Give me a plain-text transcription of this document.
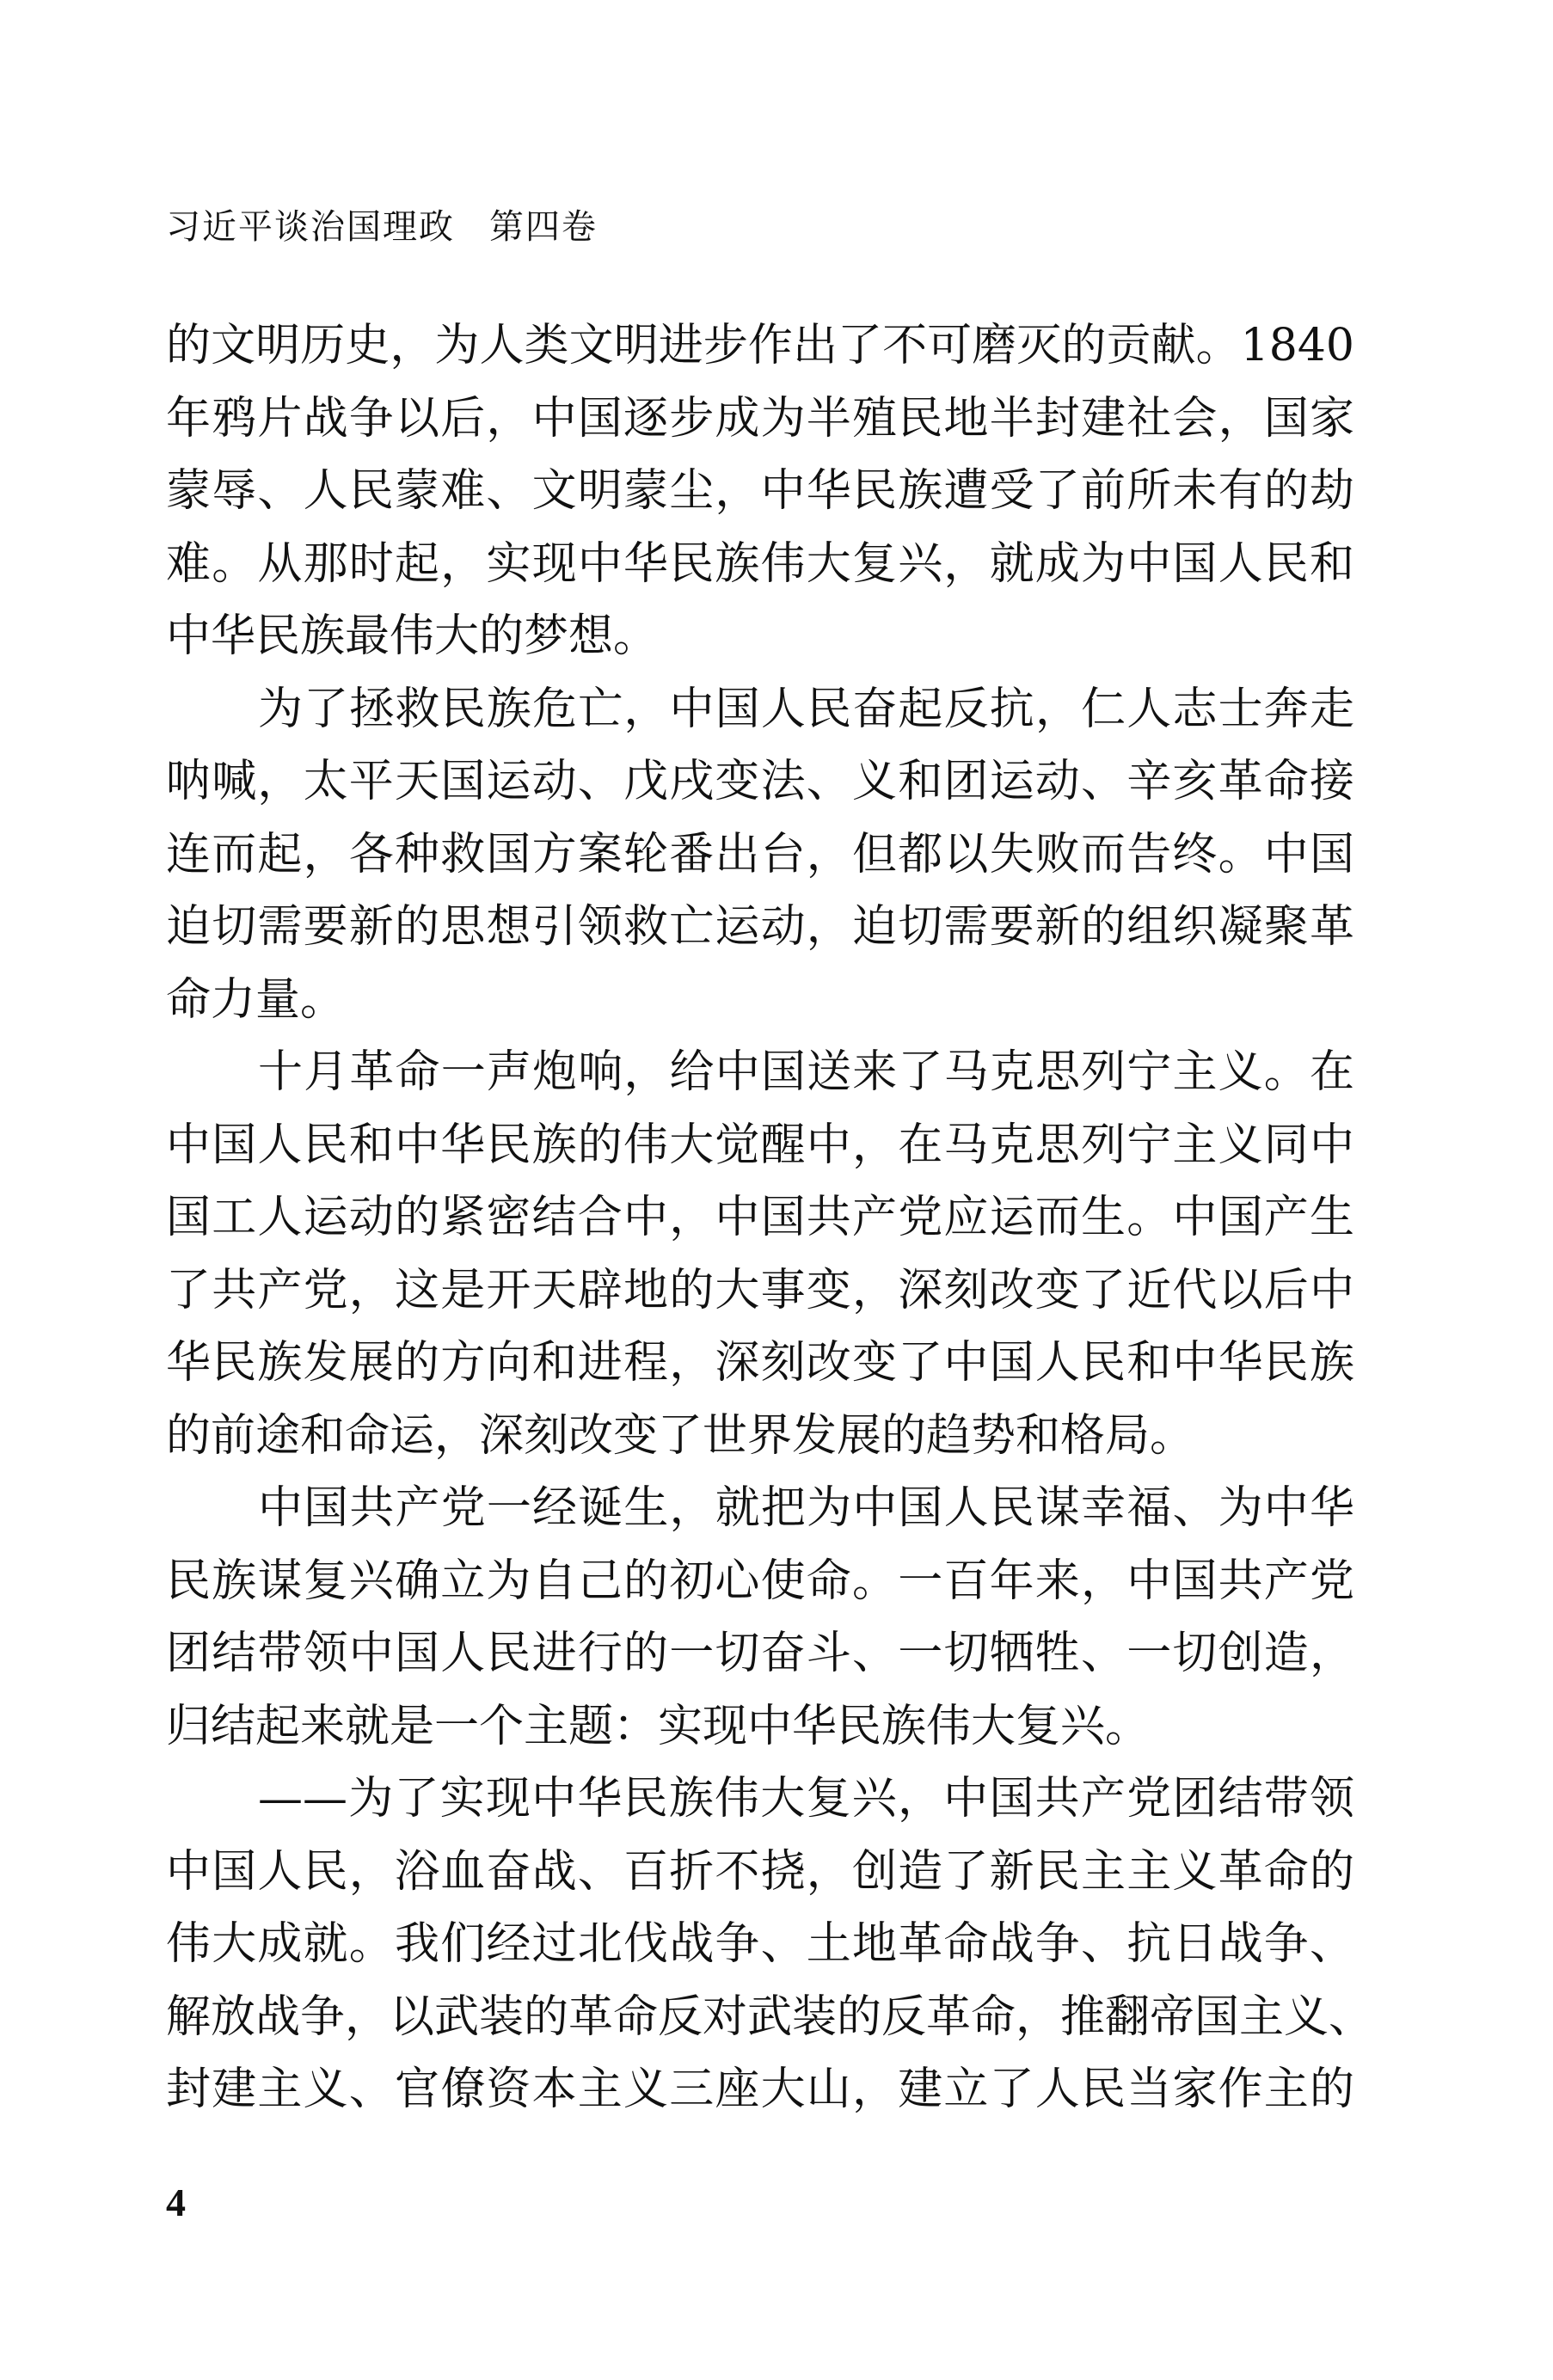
习近平谈治国理政 第四卷
的文明历史，为人类文明进步作出了不可磨灭的贡献。1840
年鸦片战争以后，中国逐步成为半殖民地半封建社会，国家
蒙辱、人民蒙难、文明蒙尘，中华民族遭受了前所未有的劫
难。从那时起，实现中华民族伟大复兴，就成为中国人民和
中华民族最伟大的梦想。
为了拯救民族危亡，中国人民奋起反抗，仁人志士奔走
呐喊，太平天国运动、戊戌变法、义和团运动、辛亥革命接
连而起，各种救国方案轮番出台，但都以失败而告终。中国
迫切需要新的思想引领救亡运动，迫切需要新的组织凝聚革
命力量。
十月革命一声炮响，给中国送来了马克思列宁主义。在
中国人民和中华民族的伟大觉醒中，在马克思列宁主义同中
国工人运动的紧密结合中，中国共产党应运而生。中国产生
了共产党，这是开天辟地的大事变，深刻改变了近代以后中
华民族发展的方向和进程，深刻改变了中国人民和中华民族
的前途和命运，深刻改变了世界发展的趋势和格局。
中国共产党一经诞生，就把为中国人民谋幸福、为中华
民族谋复兴确立为自己的初心使命。一百年来，中国共产党
团结带领中国人民进行的一切奋斗、一切牺牲、一切创造，
归结起来就是一个主题：实现中华民族伟大复兴。
——为了实现中华民族伟大复兴，中国共产党团结带领
中国人民，浴血奋战、百折不挠，创造了新民主主义革命的
伟大成就。我们经过北伐战争、土地革命战争、抗日战争、
解放战争，以武装的革命反对武装的反革命，推翻帝国主义、
封建主义、官僚资本主义三座大山，建立了人民当家作主的
4
